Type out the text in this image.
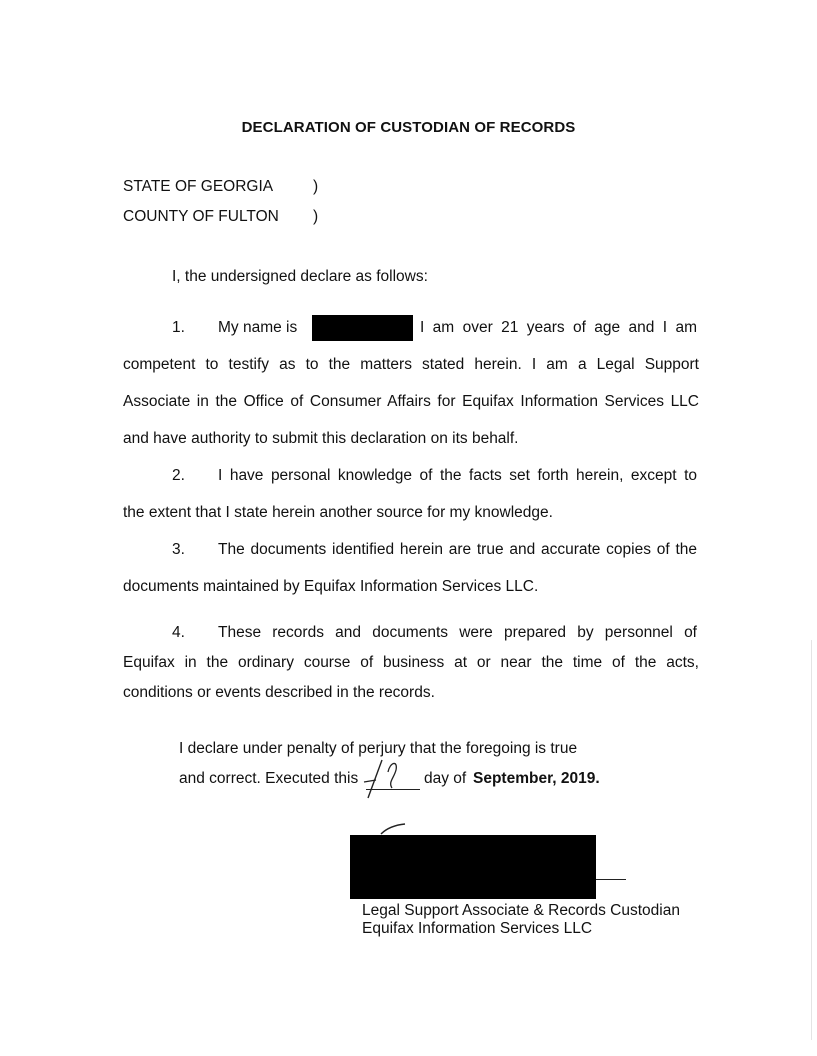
DECLARATION OF CUSTODIAN OF RECORDS
STATE OF GEORGIA	)
COUNTY OF FULTON )
I, the undersigned declare as follows:
1. My name is	I am over 21 years of age and I am
competent to testify as to the matters stated herein. I am a Legal Support
Associate in the Office of Consumer Affairs for Equifax Information Services LLC
and have authority to submit this declaration on its behalf.
2. I have personal knowledge of the facts set forth herein, except to
the extent that I state herein another source for my knowledge.
3. The documents identified herein are true and accurate copies of the
documents maintained by Equifax Information Services LLC.
4. These records and documents were prepared by personnel of
Equifax in the ordinary course of business at or near the time of the acts,
conditions or events described in the records.
I declare under penalty of perjury that the foregoing is true
and correct. Executed this	day of September, 2019.
Legal Support Associate & Records Custodian
Equifax Information Services LLC
